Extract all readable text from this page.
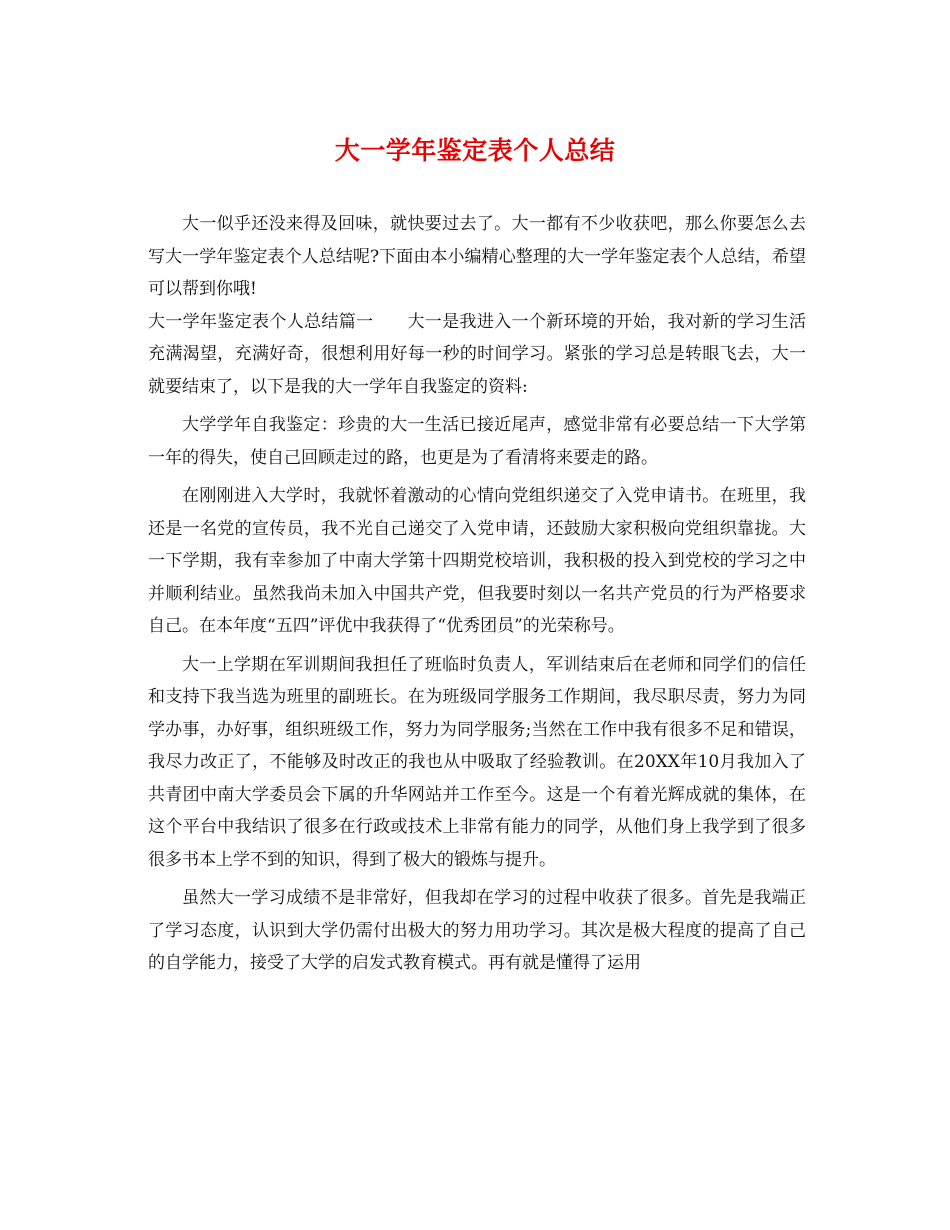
大一学年鉴定表个人总结

大一似乎还没来得及回味，就快要过去了。大一都有不少收获吧，那么你要怎么去写大一学年鉴定表个人总结呢?下面由本小编精心整理的大一学年鉴定表个人总结，希望可以帮到你哦!

大一学年鉴定表个人总结篇一 大一是我进入一个新环境的开始，我对新的学习生活充满渴望，充满好奇，很想利用好每一秒的时间学习。紧张的学习总是转眼飞去，大一就要结束了，以下是我的大一学年自我鉴定的资料:

大学学年自我鉴定：珍贵的大一生活已接近尾声，感觉非常有必要总结一下大学第一年的得失，使自己回顾走过的路，也更是为了看清将来要走的路。

在刚刚进入大学时，我就怀着激动的心情向党组织递交了入党申请书。在班里，我还是一名党的宣传员，我不光自己递交了入党申请，还鼓励大家积极向党组织靠拢。大一下学期，我有幸参加了中南大学第十四期党校培训，我积极的投入到党校的学习之中并顺利结业。虽然我尚未加入中国共产党，但我要时刻以一名共产党员的行为严格要求自己。在本年度“五四”评优中我获得了“优秀团员”的光荣称号。

大一上学期在军训期间我担任了班临时负责人，军训结束后在老师和同学们的信任和支持下我当选为班里的副班长。在为班级同学服务工作期间，我尽职尽责，努力为同学办事，办好事，组织班级工作，努力为同学服务;当然在工作中我有很多不足和错误，我尽力改正了，不能够及时改正的我也从中吸取了经验教训。在20XX年10月我加入了共青团中南大学委员会下属的升华网站并工作至今。这是一个有着光辉成就的集体，在这个平台中我结识了很多在行政或技术上非常有能力的同学，从他们身上我学到了很多很多书本上学不到的知识，得到了极大的锻炼与提升。

虽然大一学习成绩不是非常好，但我却在学习的过程中收获了很多。首先是我端正了学习态度，认识到大学仍需付出极大的努力用功学习。其次是极大程度的提高了自己的自学能力，接受了大学的启发式教育模式。再有就是懂得了运用
